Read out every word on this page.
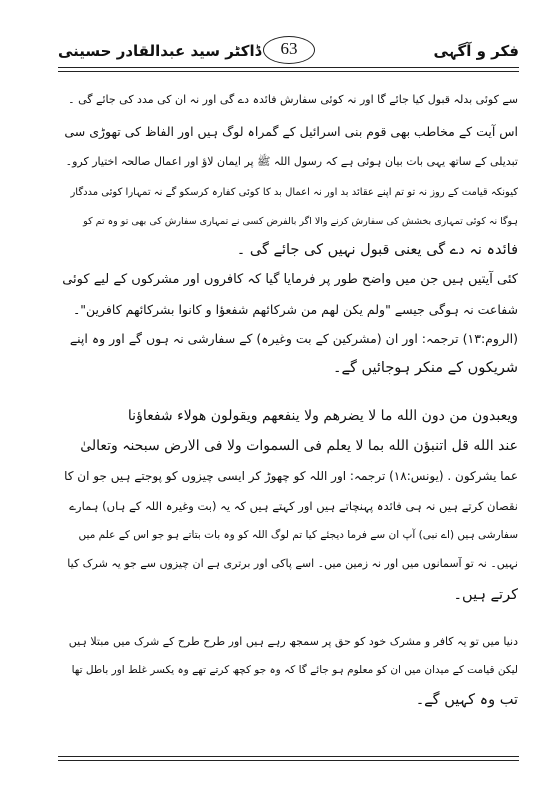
فکر و آگہی
63
ڈاکٹر سید عبدالقادر حسینی
سے کوئی بدلہ قبول کیا جائے گا اور نہ کوئی سفارش فائدہ دے گی اور نہ ان کی مدد کی جائے گی ۔
اس آیت کے مخاطب بھی قوم بنی اسرائیل کے گمراہ لوگ ہیں اور الفاظ کی تھوڑی سی
تبدیلی کے ساتھ یہی بات بیان ہوئی ہے کہ رسول اللہ ﷺ پر ایمان لاؤ اور اعمال صالحہ اختیار کرو۔
کیونکہ قیامت کے روز نہ تو تم اپنے عقائد بد اور نہ اعمال بد کا کوئی کفارہ کرسکو گے نہ تمہارا کوئی مددگار
ہوگا نہ کوئی تمہاری بخشش کی سفارش کرنے والا اگر بالفرض کسی نے تمہاری سفارش کی بھی تو وہ تم کو
فائدہ نہ دے گی یعنی قبول نہیں کی جائے گی ۔
کئی آیتیں ہیں جن میں واضح طور پر فرمایا گیا کہ کافروں اور مشرکوں کے لیے کوئی
شفاعت نہ ہوگی جیسے "ولم یکن لھم من شرکائھم شفعؤا و کانوا بشرکائھم کافرین"۔
(الروم:۱۳) ترجمہ: اور ان (مشرکین کے بت وغیرہ) کے سفارشی نہ ہوں گے اور وہ اپنے
شریکوں کے منکر ہوجائیں گے۔
ویعبدون من دون الله ما لا یضرھم ولا ینفعھم ویقولون ھولاء شفعاؤنا
عند الله قل اتنبؤن الله بما لا یعلم فی السموات ولا فی الارض سبحنہ وتعالیٰ
عما یشرکون . (یونس:۱۸) ترجمہ: اور اللہ کو چھوڑ کر ایسی چیزوں کو پوجتے ہیں جو ان کا
نقصان کرتے ہیں نہ ہی فائدہ پہنچاتے ہیں اور کہتے ہیں کہ یہ (بت وغیرہ اللہ کے ہاں) ہمارے
سفارشی ہیں (اے نبی) آپ ان سے فرما دیجئے کیا تم لوگ اللہ کو وہ بات بتاتے ہو جو اس کے علم میں
نہیں۔ نہ تو آسمانوں میں اور نہ زمین میں۔ اسے پاکی اور برتری ہے ان چیزوں سے جو یہ شرک کیا
کرتے ہیں۔
دنیا میں تو یہ کافر و مشرک خود کو حق پر سمجھ رہے ہیں اور طرح طرح کے شرک میں مبتلا ہیں
لیکن قیامت کے میدان میں ان کو معلوم ہو جائے گا کہ وہ جو کچھ کرتے تھے وہ یکسر غلط اور باطل تھا
تب وہ کہیں گے۔
